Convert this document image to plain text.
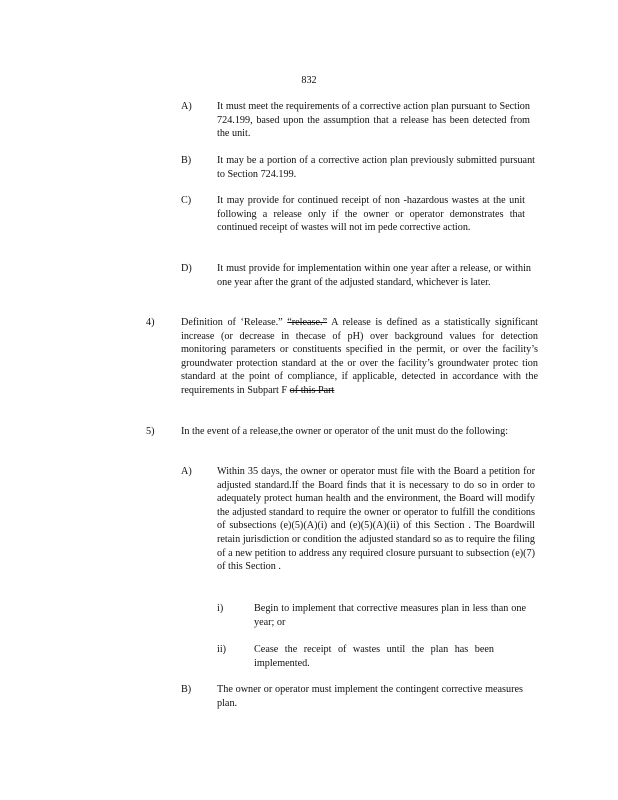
832
A) It must meet the requirements of a corrective action plan pursuant to Section 724.199, based upon the assumption that a release has been detected from the unit.
B)	It may be a portion of a corrective action plan previously submitted pursuant to Section 724.199.
C)	It may provide for continued receipt of non -hazardous wastes at the unit following a release only if the owner or operator demonstrates that continued receipt of wastes will not im pede corrective action.
D) It must provide for implementation within one year after a release, or within one year after the grant of the adjusted standard, whichever is later.
4)	Definition of ‘Release.” “release.” A release is defined as a statistically significant increase (or decrease in thecase of pH) over background values for detection monitoring parameters or constituents specified in the permit, or over the facility’s groundwater protection standard at the or over the facility’s groundwater protec tion standard at the point of compliance, if applicable, detected in accordance with the requirements in Subpart F of this Part
5)	In the event of a release,the owner or operator of the unit must do the following:
A) Within 35 days, the owner or operator must file with the Board a petition for adjusted standard.If the Board finds that it is necessary to do so in order to adequately protect human health and the environment, the Board will modify the adjusted standard to require the owner or operator to fulfill the conditions of subsections (e)(5)(A)(i) and (e)(5)(A)(ii) of this Section . The Boardwill retain jurisdiction or condition the adjusted standard so as to require the filing of a new petition to address any required closure pursuant to subsection (e)(7) of this Section .
i)	Begin to implement that corrective measures plan in less than one year; or
ii)	Cease the receipt of wastes until the plan has been implemented.
B)	The owner or operator must implement the contingent corrective measures plan.
